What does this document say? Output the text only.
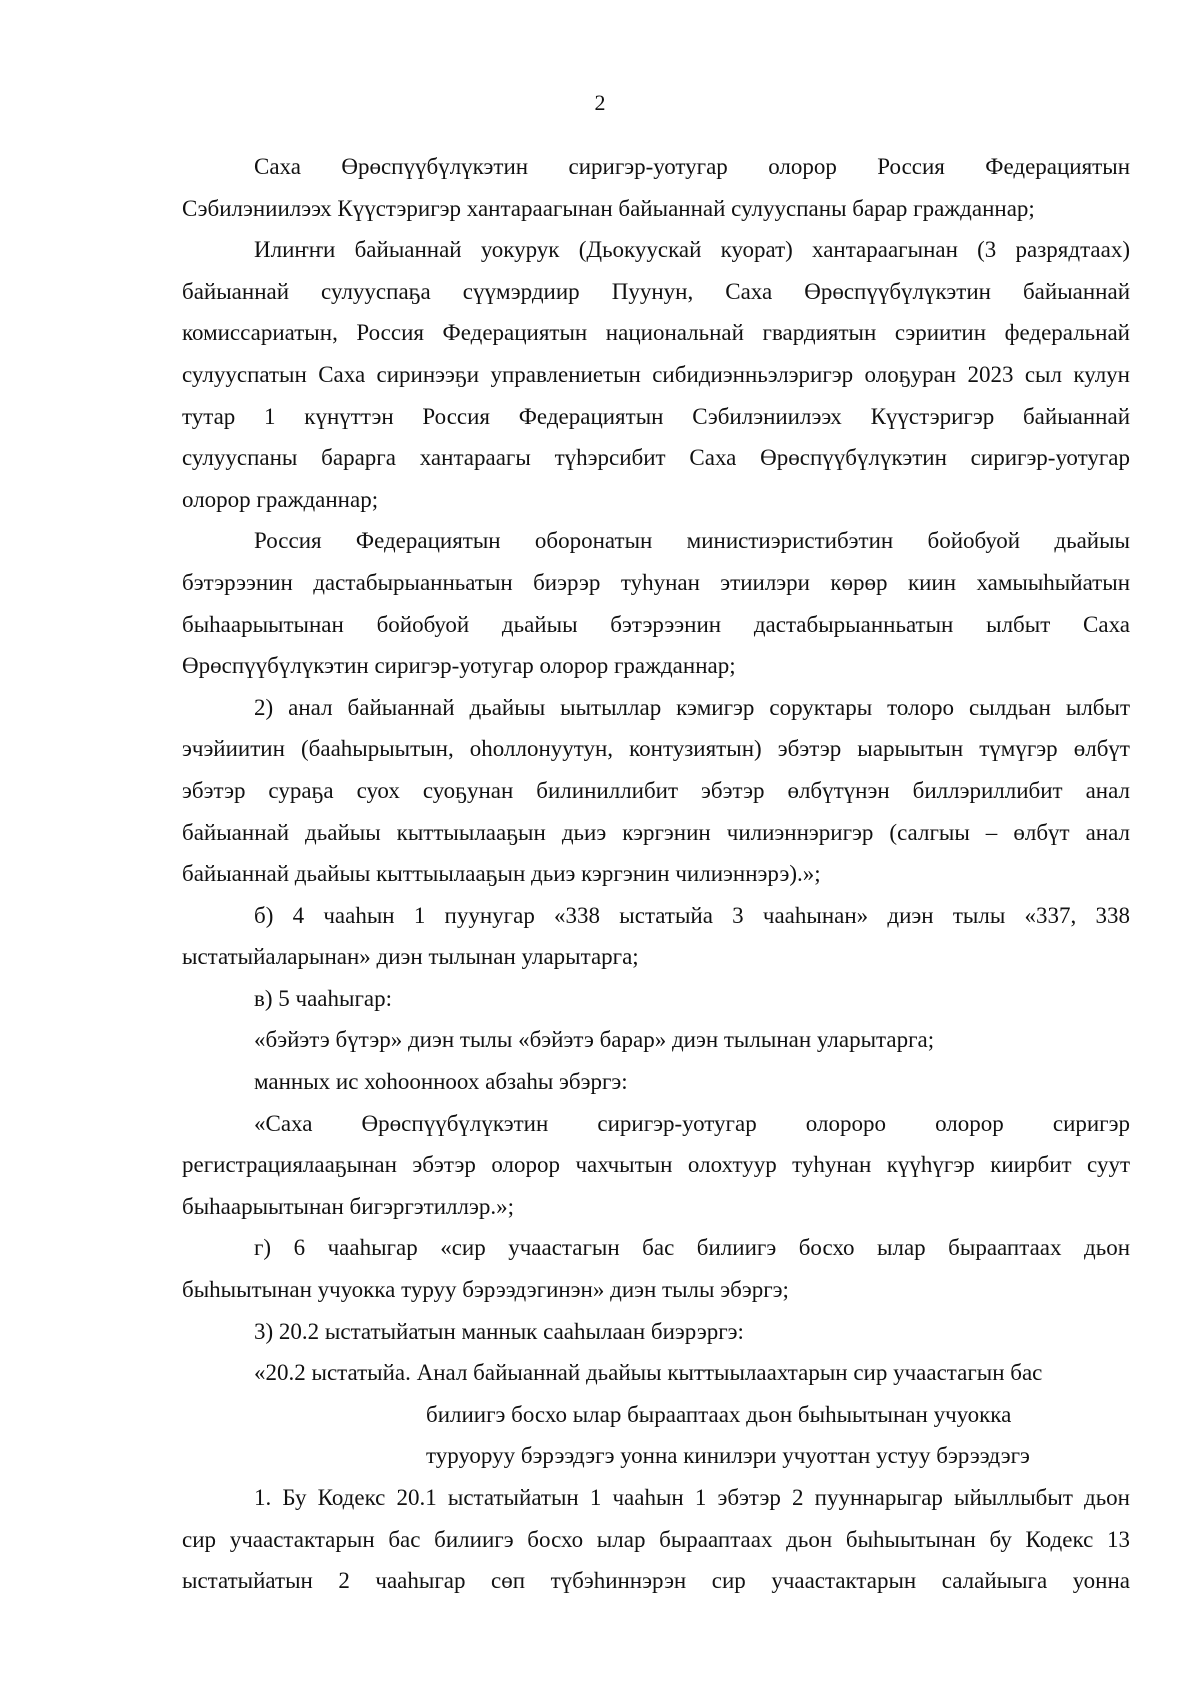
2
Саха Өрөспүүбүлүкэтин сиригэр-уотугар олорор Россия Федерациятын
Сэбилэниилээх Күүстэригэр хантараагынан байыаннай сулууспаны барар гражданнар;
Илиҥҥи байыаннай уокурук (Дьокуускай куорат) хантараагынан (3 разрядтаах)
байыаннай сулууспаҕа сүүмэрдиир Пуунун, Саха Өрөспүүбүлүкэтин байыаннай
комиссариатын, Россия Федерациятын национальнай гвардиятын сэриитин федеральнай
сулууспатын Саха сиринээҕи управлениетын сибидиэнньэлэригэр олоҕуран 2023 сыл кулун
тутар 1 күнүттэн Россия Федерациятын Сэбилэниилээх Күүстэригэр байыаннай
сулууспаны бараргa хантараагы түһэрсибит Саха Өрөспүүбүлүкэтин сиригэр-уотугар
олорор гражданнар;
Россия Федерациятын оборонатын министиэристибэтин бойобуой дьайыы
бэтэрээнин дастабырыанньатын биэрэр туһунан этиилэри көрөр киин хамыыһыйатын
быһаарыытынан бойобуой дьайыы бэтэрээнин дастабырыанньатын ылбыт Саха
Өрөспүүбүлүкэтин сиригэр-уотугар олорор гражданнар;
2) анал байыаннай дьайыы ыытыллар кэмигэр соруктары толоро сылдьан ылбыт
эчэйиитин (бааһырыытын, оһоллонуутун, контузиятын) эбэтэр ыарыытын түмүгэр өлбүт
эбэтэр сураҕа суох суоҕунан билиниллибит эбэтэр өлбүтүнэн биллэриллибит анал
байыаннай дьайыы кыттыылааҕын дьиэ кэргэнин чилиэннэригэр (салгыы – өлбүт анал
байыаннай дьайыы кыттыылааҕын дьиэ кэргэнин чилиэннэрэ).»;
б) 4 чааһын 1 пуунугар «338 ыстатыйа 3 чааһынан» диэн тылы «337, 338
ыстатыйаларынан» диэн тылынан уларытарга;
в) 5 чааһыгар:
«бэйэтэ бүтэр» диэн тылы «бэйэтэ барар» диэн тылынан уларытарга;
манных ис хоһоонноох абзаһы эбэргэ:
«Саха Өрөспүүбүлүкэтин сиригэр-уотугар олороро олорор сиригэр
регистрациялааҕынан эбэтэр олорор чахчытын олохтуур туһунан күүһүгэр киирбит суут
быһаарыытынан бигэргэтиллэр.»;
г) 6 чааһыгар «сир учаастагын бас билиигэ босхо ылар бырааптаах дьон
быһыытынан учуокка туруу бэрээдэгинэн» диэн тылы эбэргэ;
3) 20.2 ыстатыйатын маннык сааһылаан биэрэргэ:
«20.2 ыстатыйа. Анал байыаннай дьайыы кыттыылаахтарын сир учаастагын бас
билиигэ босхо ылар бырааптаах дьон быһыытынан учуокка
туруоруу бэрээдэгэ уонна кинилэри учуоттан устуу бэрээдэгэ
1. Бу Кодекс 20.1 ыстатыйатын 1 чааһын 1 эбэтэр 2 пууннарыгар ыйыллыбыт дьон
сир учаастактарын бас билиигэ босхо ылар бырааптаах дьон быһыытынан бу Кодекс 13
ыстатыйатын 2 чааһыгар сөп түбэһиннэрэн сир учаастактарын салайыыга уонна
